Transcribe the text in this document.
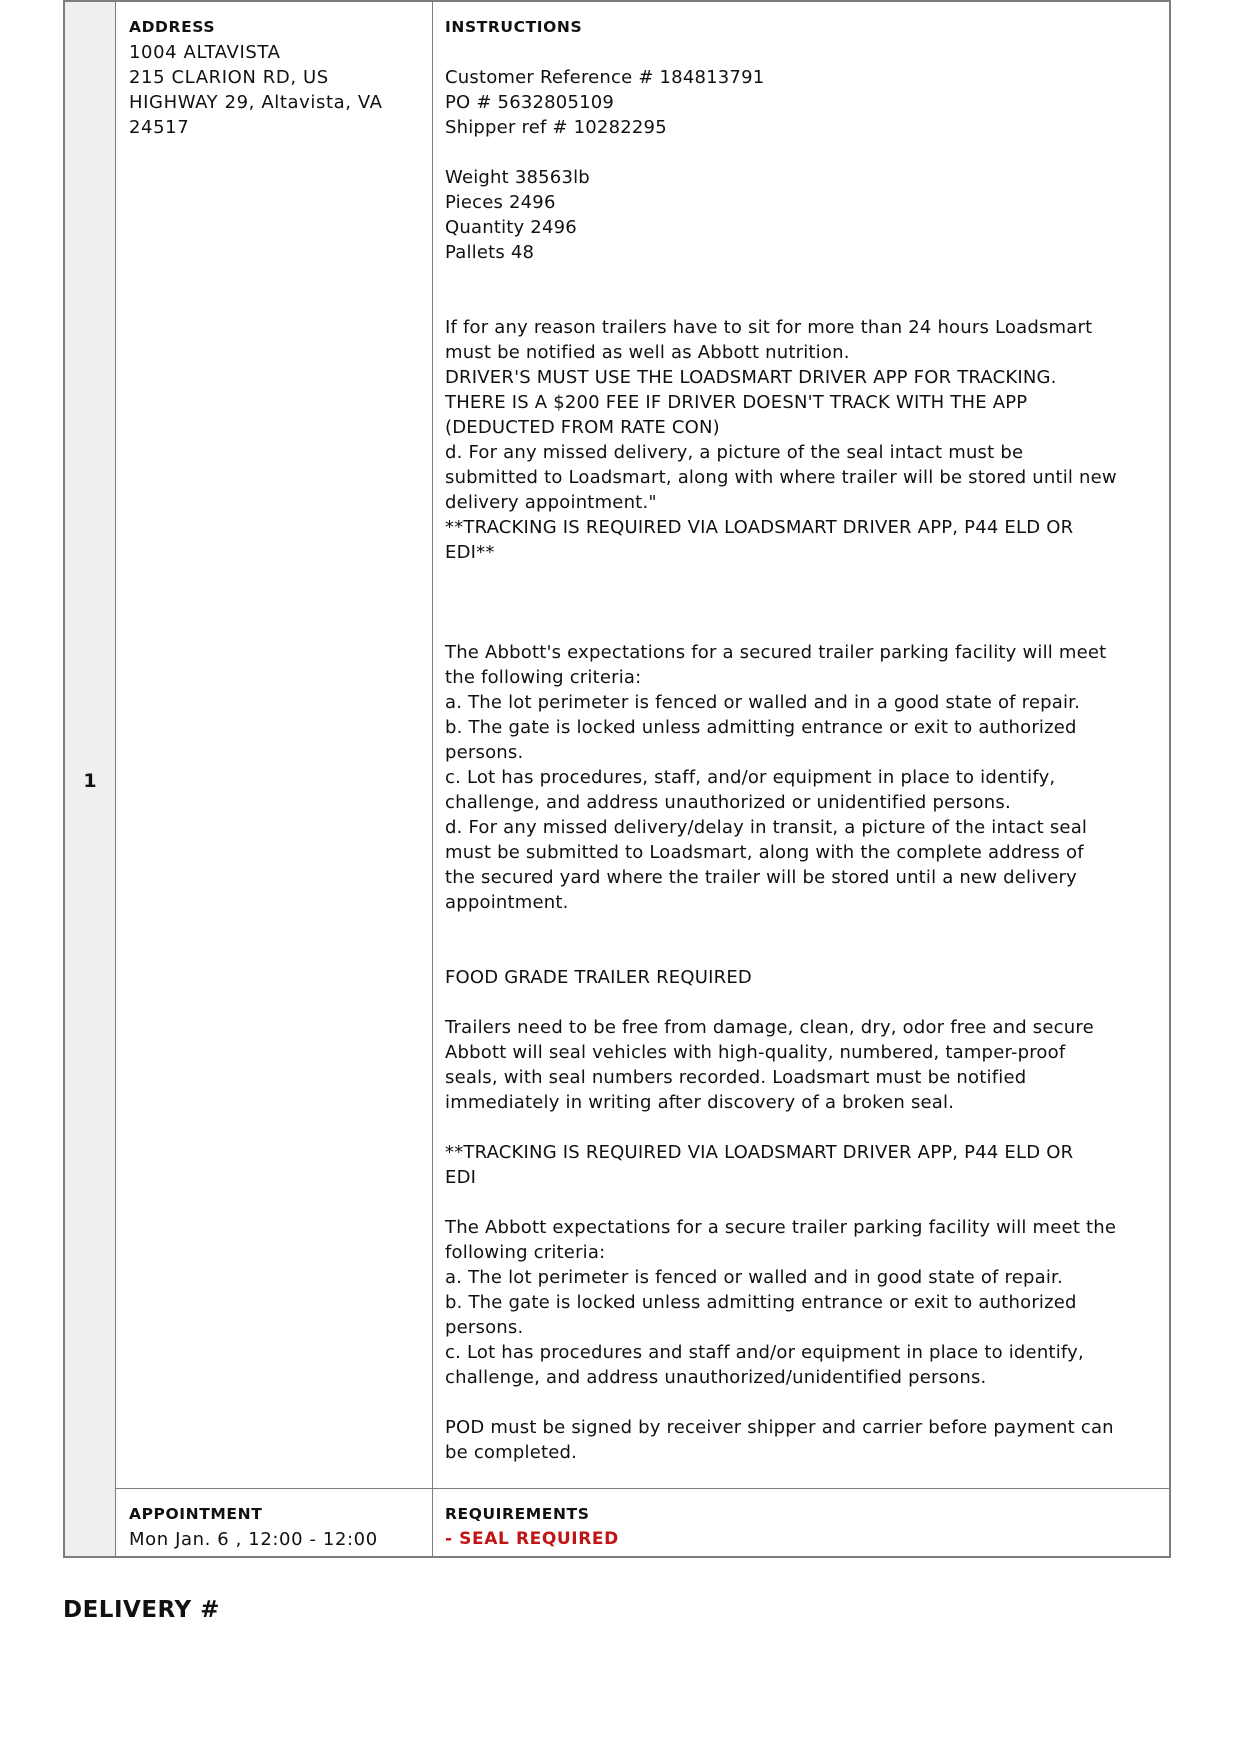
1
ADDRESS
1004 ALTAVISTA
215 CLARION RD, US
HIGHWAY 29, Altavista, VA
24517
INSTRUCTIONS
Customer Reference # 184813791
PO # 5632805109
Shipper ref # 10282295
Weight 38563lb
Pieces 2496
Quantity 2496
Pallets 48
If for any reason trailers have to sit for more than 24 hours Loadsmart
must be notified as well as Abbott nutrition.
DRIVER'S MUST USE THE LOADSMART DRIVER APP FOR TRACKING.
THERE IS A $200 FEE IF DRIVER DOESN'T TRACK WITH THE APP
(DEDUCTED FROM RATE CON)
d. For any missed delivery, a picture of the seal intact must be
submitted to Loadsmart, along with where trailer will be stored until new
delivery appointment."
**TRACKING IS REQUIRED VIA LOADSMART DRIVER APP, P44 ELD OR
EDI**
The Abbott's expectations for a secured trailer parking facility will meet
the following criteria:
a. The lot perimeter is fenced or walled and in a good state of repair.
b. The gate is locked unless admitting entrance or exit to authorized
persons.
c. Lot has procedures, staff, and/or equipment in place to identify,
challenge, and address unauthorized or unidentified persons.
d. For any missed delivery/delay in transit, a picture of the intact seal
must be submitted to Loadsmart, along with the complete address of
the secured yard where the trailer will be stored until a new delivery
appointment.
FOOD GRADE TRAILER REQUIRED
Trailers need to be free from damage, clean, dry, odor free and secure
Abbott will seal vehicles with high-quality, numbered, tamper-proof
seals, with seal numbers recorded. Loadsmart must be notified
immediately in writing after discovery of a broken seal.
**TRACKING IS REQUIRED VIA LOADSMART DRIVER APP, P44 ELD OR
EDI
The Abbott expectations for a secure trailer parking facility will meet the
following criteria:
a. The lot perimeter is fenced or walled and in good state of repair.
b. The gate is locked unless admitting entrance or exit to authorized
persons.
c. Lot has procedures and staff and/or equipment in place to identify,
challenge, and address unauthorized/unidentified persons.
POD must be signed by receiver shipper and carrier before payment can
be completed.
APPOINTMENT
Mon Jan. 6 , 12:00 - 12:00
REQUIREMENTS
- SEAL REQUIRED
DELIVERY #
